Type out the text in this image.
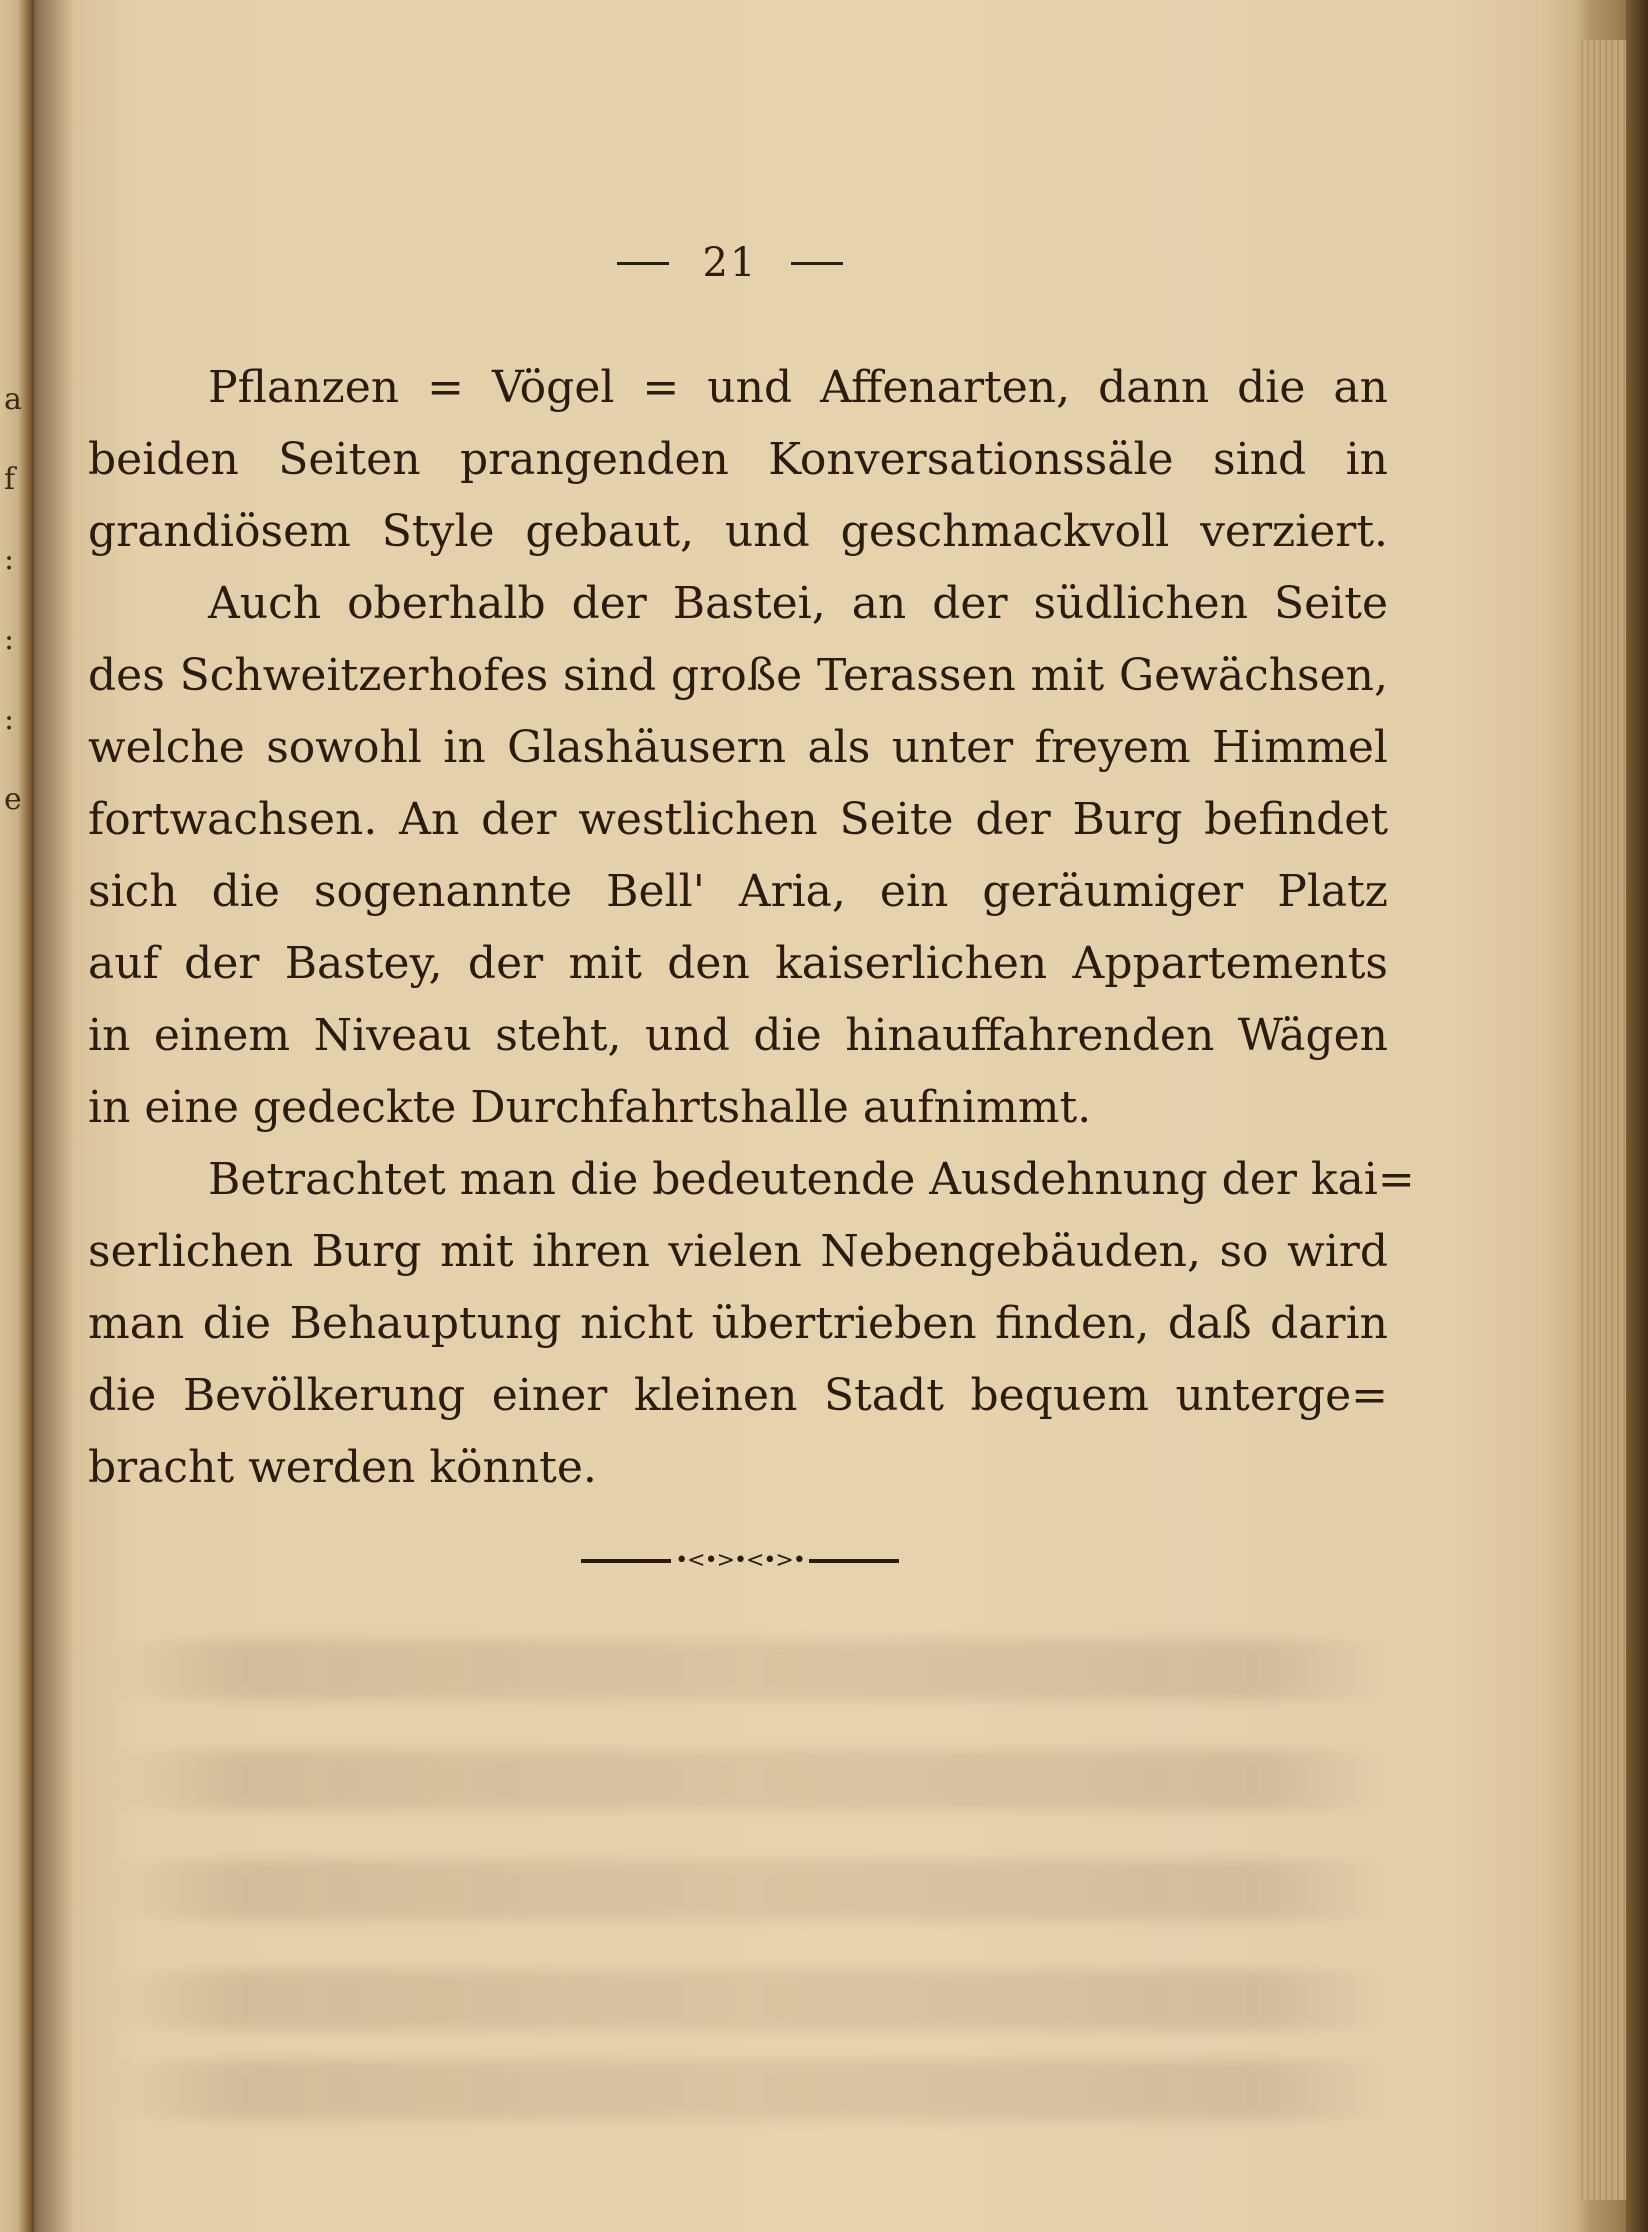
a
f
:
:
:
e
21
Pflanzen = Vögel = und Affenarten, dann die an
beiden Seiten prangenden Konversationssäle sind in
grandiösem Style gebaut, und geschmackvoll verziert.
Auch oberhalb der Bastei, an der südlichen Seite
des Schweitzerhofes sind große Terassen mit Gewächsen,
welche sowohl in Glashäusern als unter freyem Himmel
fortwachsen. An der westlichen Seite der Burg befindet
sich die sogenannte Bell' Aria, ein geräumiger Platz
auf der Bastey, der mit den kaiserlichen Appartements
in einem Niveau steht, und die hinauffahrenden Wägen
in eine gedeckte Durchfahrtshalle aufnimmt.
Betrachtet man die bedeutende Ausdehnung der kai=
serlichen Burg mit ihren vielen Nebengebäuden, so wird
man die Behauptung nicht übertrieben finden, daß darin
die Bevölkerung einer kleinen Stadt bequem unterge=
bracht werden könnte.
•<•>•<•>•
